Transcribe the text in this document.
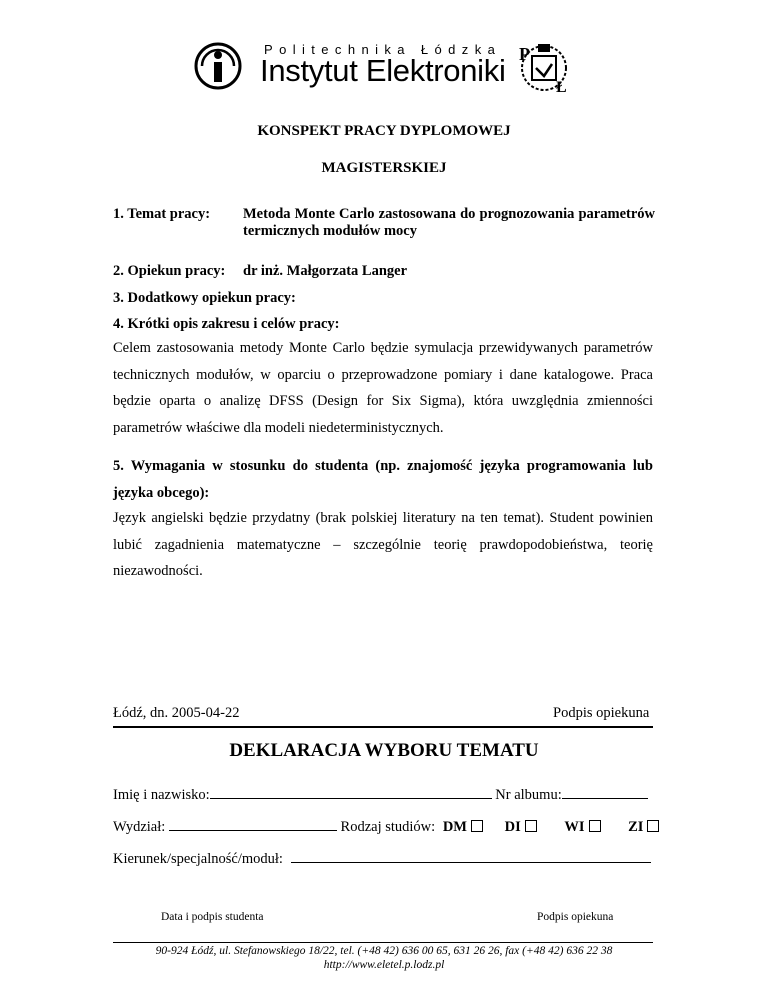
Politechnika Łódzka
Instytut Elektroniki P
Ł
KONSPEKT PRACY DYPLOMOWEJ
MAGISTERSKIEJ
1. Temat pracy: Metoda Monte Carlo zastosowana do prognozowania parametrów termicznych modułów mocy
2. Opiekun pracy: dr inż. Małgorzata Langer
3. Dodatkowy opiekun pracy:
4. Krótki opis zakresu i celów pracy:
Celem zastosowania metody Monte Carlo będzie symulacja przewidywanych parametrów technicznych modułów, w oparciu o przeprowadzone pomiary i dane katalogowe. Praca będzie oparta o analizę DFSS (Design for Six Sigma), która uwzględnia zmienności parametrów właściwe dla modeli niedeterministycznych.
5. Wymagania w stosunku do studenta (np. znajomość języka programowania lub języka obcego):
Język angielski będzie przydatny (brak polskiej literatury na ten temat). Student powinien lubić zagadnienia matematyczne – szczególnie teorię prawdopodobieństwa, teorię niezawodności.
Łódź, dn. 2005-04-22	Podpis opiekuna
DEKLARACJA WYBORU TEMATU
Imię i nazwisko:	Nr albumu:
Wydział:	Rodzaj studiów: DM	DI	WI	ZI
Kierunek/specjalność/moduł:
Data i podpis studenta	Podpis opiekuna
90-924 Łódź, ul. Stefanowskiego 18/22, tel. (+48 42) 636 00 65, 631 26 26, fax (+48 42) 636 22 38
http://www.eletel.p.lodz.pl
